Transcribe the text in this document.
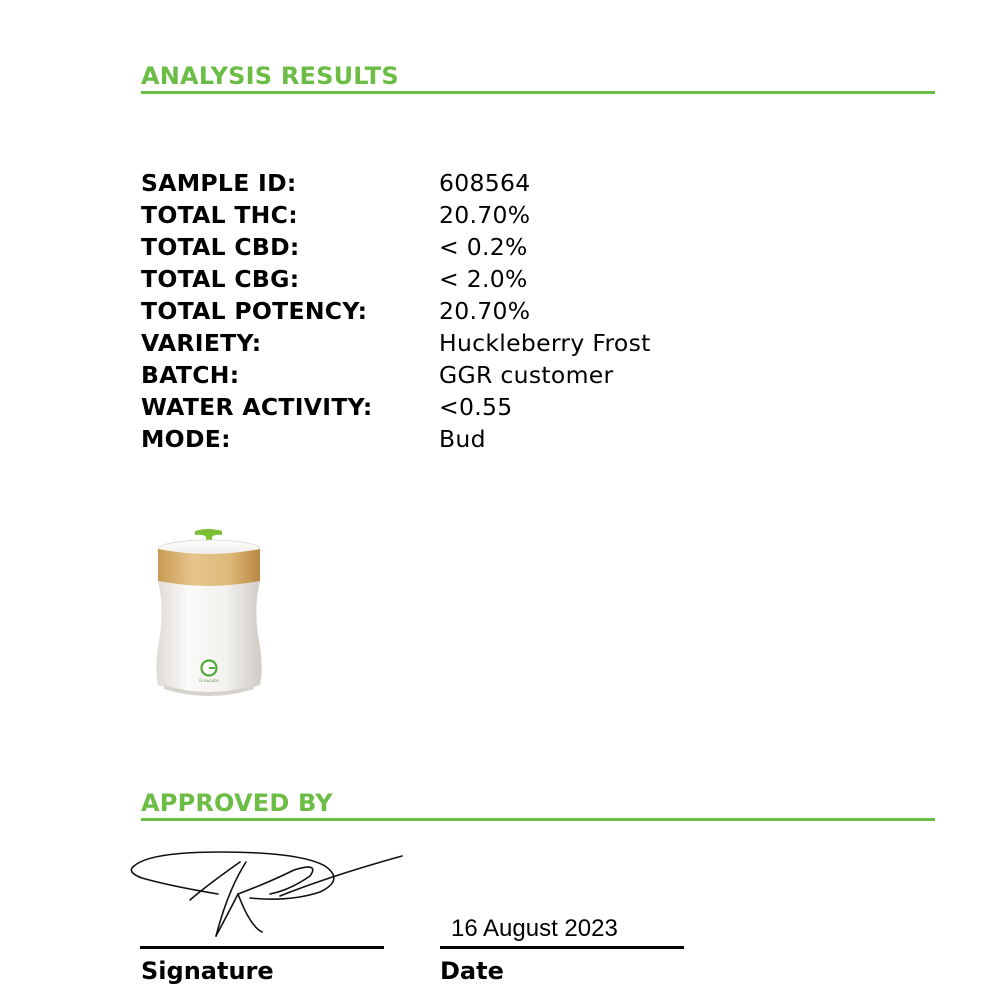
ANALYSIS RESULTS
SAMPLE ID:	608564
TOTAL THC:	20.70%
TOTAL CBD:	< 0.2%
TOTAL CBG:	< 2.0%
TOTAL POTENCY:	20.70%
VARIETY:	Huckleberry Frost
BATCH:	GGR customer
WATER ACTIVITY:	<0.55
MODE:	Bud
GrowLabs
APPROVED BY
16 August 2023
Signature	Date
